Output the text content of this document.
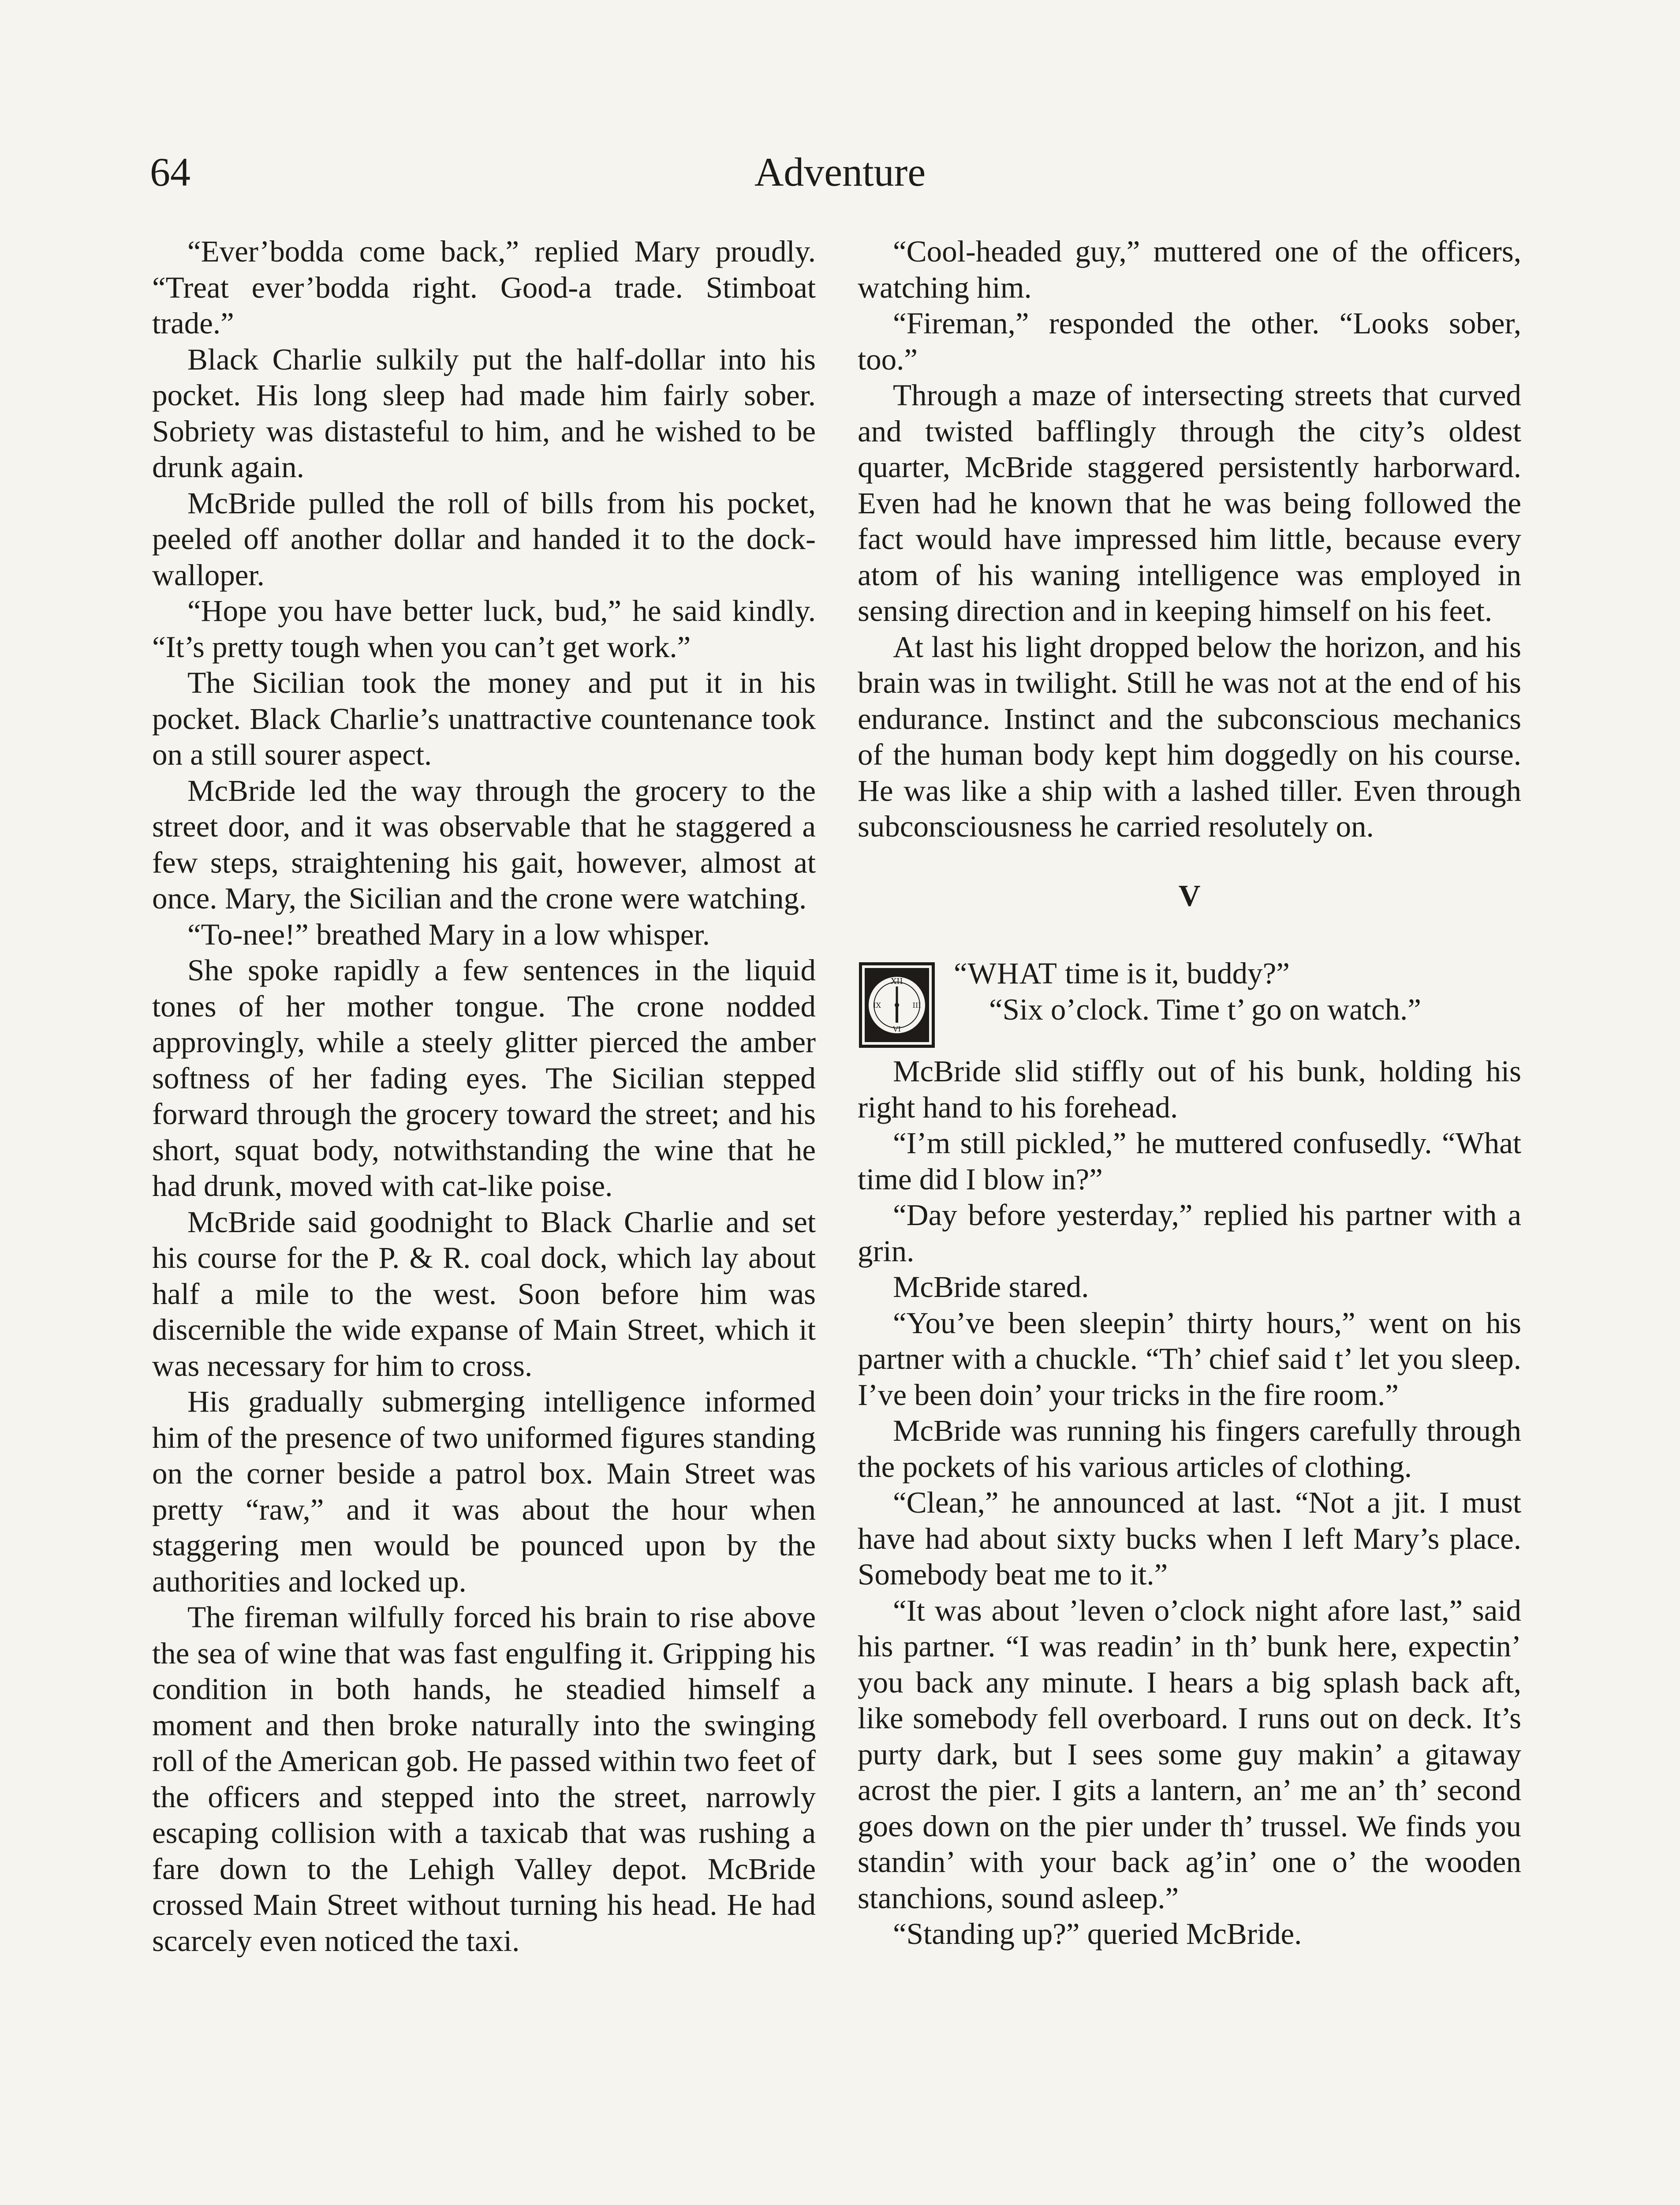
64	Adventure

“Ever’bodda come back,” replied Mary proudly. “Treat ever’bodda right. Good-a trade. Stimboat trade.”

Black Charlie sulkily put the half-dollar into his pocket. His long sleep had made him fairly sober. Sobriety was distasteful to him, and he wished to be drunk again.

McBride pulled the roll of bills from his pocket, peeled off another dollar and handed it to the dock-walloper.

“Hope you have better luck, bud,” he said kindly. “It’s pretty tough when you can’t get work.”

The Sicilian took the money and put it in his pocket. Black Charlie’s unattractive countenance took on a still sourer aspect.

McBride led the way through the grocery to the street door, and it was observable that he staggered a few steps, straightening his gait, however, almost at once. Mary, the Sicilian and the crone were watching.

“To-nee!” breathed Mary in a low whisper.

She spoke rapidly a few sentences in the liquid tones of her mother tongue. The crone nodded approvingly, while a steely glitter pierced the amber softness of her fading eyes. The Sicilian stepped forward through the grocery toward the street; and his short, squat body, notwithstanding the wine that he had drunk, moved with cat-like poise.

McBride said goodnight to Black Charlie and set his course for the P. & R. coal dock, which lay about half a mile to the west. Soon before him was discernible the wide expanse of Main Street, which it was necessary for him to cross.

His gradually submerging intelligence informed him of the presence of two uniformed figures standing on the corner beside a patrol box. Main Street was pretty “raw,” and it was about the hour when staggering men would be pounced upon by the authorities and locked up.

The fireman wilfully forced his brain to rise above the sea of wine that was fast engulfing it. Gripping his condition in both hands, he steadied himself a moment and then broke naturally into the swinging roll of the American gob. He passed within two feet of the officers and stepped into the street, narrowly escaping collision with a taxicab that was rushing a fare down to the Lehigh Valley depot. McBride crossed Main Street without turning his head. He had scarcely even noticed the taxi.

“Cool-headed guy,” muttered one of the officers, watching him.

“Fireman,” responded the other. “Looks sober, too.”

Through a maze of intersecting streets that curved and twisted bafflingly through the city’s oldest quarter, McBride staggered persistently harborward. Even had he known that he was being followed the fact would have impressed him little, because every atom of his waning intelligence was employed in sensing direction and in keeping himself on his feet.

At last his light dropped below the horizon, and his brain was in twilight. Still he was not at the end of his endurance. Instinct and the subconscious mechanics of the human body kept him doggedly on his course. He was like a ship with a lashed tiller. Even through subconsciousness he carried resolutely on.

V

XII
III
VI
IX
“WHAT time is it, buddy?”
“Six o’clock. Time t’ go on watch.”

McBride slid stiffly out of his bunk, holding his right hand to his forehead.

“I’m still pickled,” he muttered confusedly. “What time did I blow in?”

“Day before yesterday,” replied his partner with a grin.

McBride stared.

“You’ve been sleepin’ thirty hours,” went on his partner with a chuckle. “Th’ chief said t’ let you sleep. I’ve been doin’ your tricks in the fire room.”

McBride was running his fingers carefully through the pockets of his various articles of clothing.

“Clean,” he announced at last. “Not a jit. I must have had about sixty bucks when I left Mary’s place. Somebody beat me to it.”

“It was about ’leven o’clock night afore last,” said his partner. “I was readin’ in th’ bunk here, expectin’ you back any minute. I hears a big splash back aft, like somebody fell overboard. I runs out on deck. It’s purty dark, but I sees some guy makin’ a gitaway acrost the pier. I gits a lantern, an’ me an’ th’ second goes down on the pier under th’ trussel. We finds you standin’ with your back ag’in’ one o’ the wooden stanchions, sound asleep.”

“Standing up?” queried McBride.
